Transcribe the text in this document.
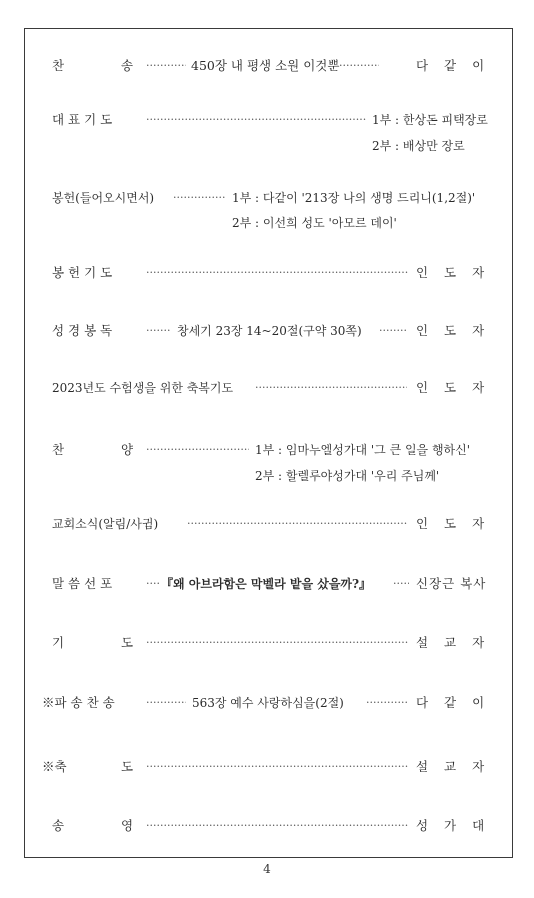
찬	송 ·····	450장 내 평생 소원 이것뿐 ·····	다 같 이
대 표 기 도 ·····	1부 : 한상돈 피택장로
2부 : 배상만 장로
봉헌(들어오시면서) ·····	1부 : 다같이 '213장 나의 생명 드리니(1,2절)'
2부 : 이선희 성도 '아모르 데이'
봉 헌 기 도 ·····	인 도 자
성 경 봉 독 ·····	창세기 23장 14~20절(구약 30쪽) ·····	인 도 자
2023년도 수험생을 위한 축복기도 ·····	인 도 자
찬	양 ·····	1부 : 임마누엘성가대 '그 큰 일을 행하신'
2부 : 할렐루야성가대 '우리 주님께'
교회소식(알림/사귐) ·····	인 도 자
말 씀 선 포 ·····	『왜 아브라함은 막벨라 밭을 샀을까?』 ·····	신장근 복사
기	도 ·····	설 교 자
※파 송 찬 송 ·····	563장 예수 사랑하심을(2절) ·····	다 같 이
※축	도 ·····	설 교 자
송	영 ·····	성 가 대
4
